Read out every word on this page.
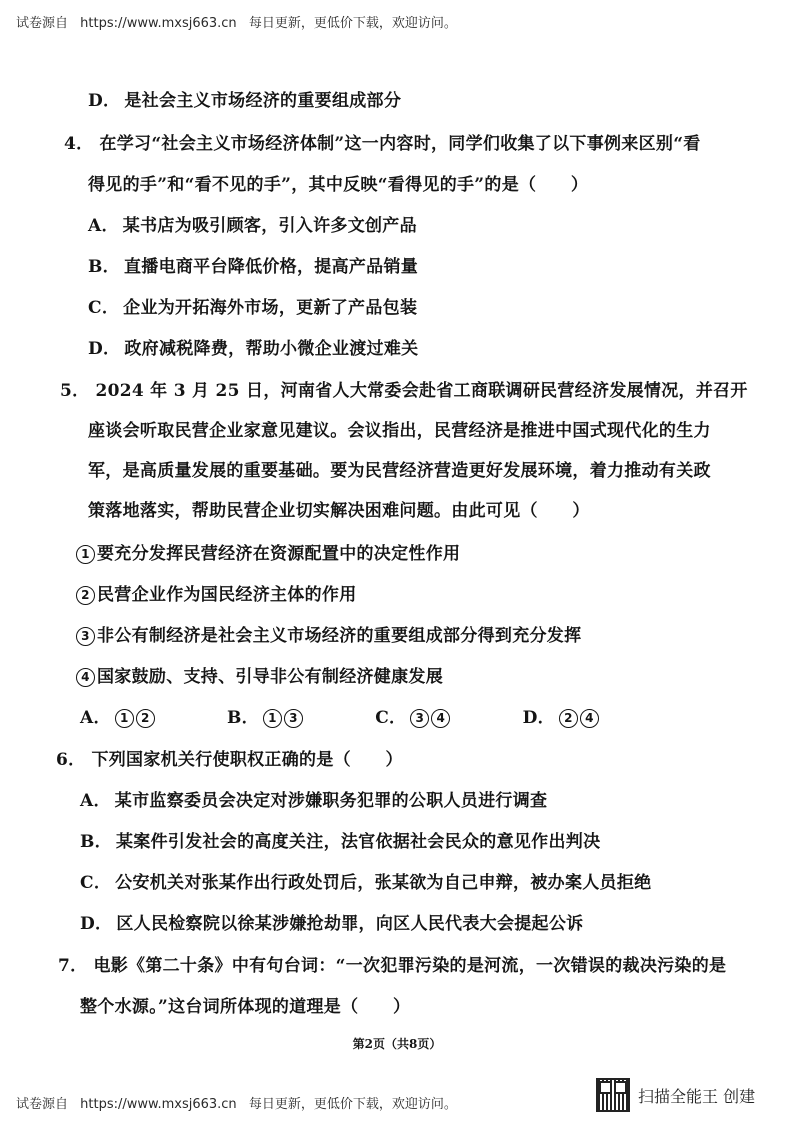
试卷源自 https://www.mxsj663.cn 每日更新，更低价下载，欢迎访问。
D． 是社会主义市场经济的重要组成部分
4． 在学习“社会主义市场经济体制”这一内容时，同学们收集了以下事例来区别“看
得见的手”和“看不见的手”，其中反映“看得见的手”的是（　　）
A． 某书店为吸引顾客，引入许多文创产品
B． 直播电商平台降低价格，提高产品销量
C． 企业为开拓海外市场，更新了产品包装
D． 政府减税降费，帮助小微企业渡过难关
5． 2024 年 3 月 25 日，河南省人大常委会赴省工商联调研民营经济发展情况，并召开
座谈会听取民营企业家意见建议。会议指出，民营经济是推进中国式现代化的生力
军，是高质量发展的重要基础。要为民营经济营造更好发展环境，着力推动有关政
策落地落实，帮助民营企业切实解决困难问题。由此可见（　　）
1 要充分发挥民营经济在资源配置中的决定性作用
2 民营企业作为国民经济主体的作用
3 非公有制经济是社会主义市场经济的重要组成部分得到充分发挥
4 国家鼓励、支持、引导非公有制经济健康发展
A． 1 2	B． 1 3	C． 3 4	D． 2 4
6． 下列国家机关行使职权正确的是（　　）
A． 某市监察委员会决定对涉嫌职务犯罪的公职人员进行调查
B． 某案件引发社会的高度关注，法官依据社会民众的意见作出判决
C． 公安机关对张某作出行政处罚后，张某欲为自己申辩，被办案人员拒绝
D． 区人民检察院以徐某涉嫌抢劫罪，向区人民代表大会提起公诉
7． 电影《第二十条》中有句台词：“一次犯罪污染的是河流，一次错误的裁决污染的是
整个水源。”这台词所体现的道理是（　　）
第2页（共8页）
试卷源自 https://www.mxsj663.cn 每日更新，更低价下载，欢迎访问。	扫描全能王 创建
